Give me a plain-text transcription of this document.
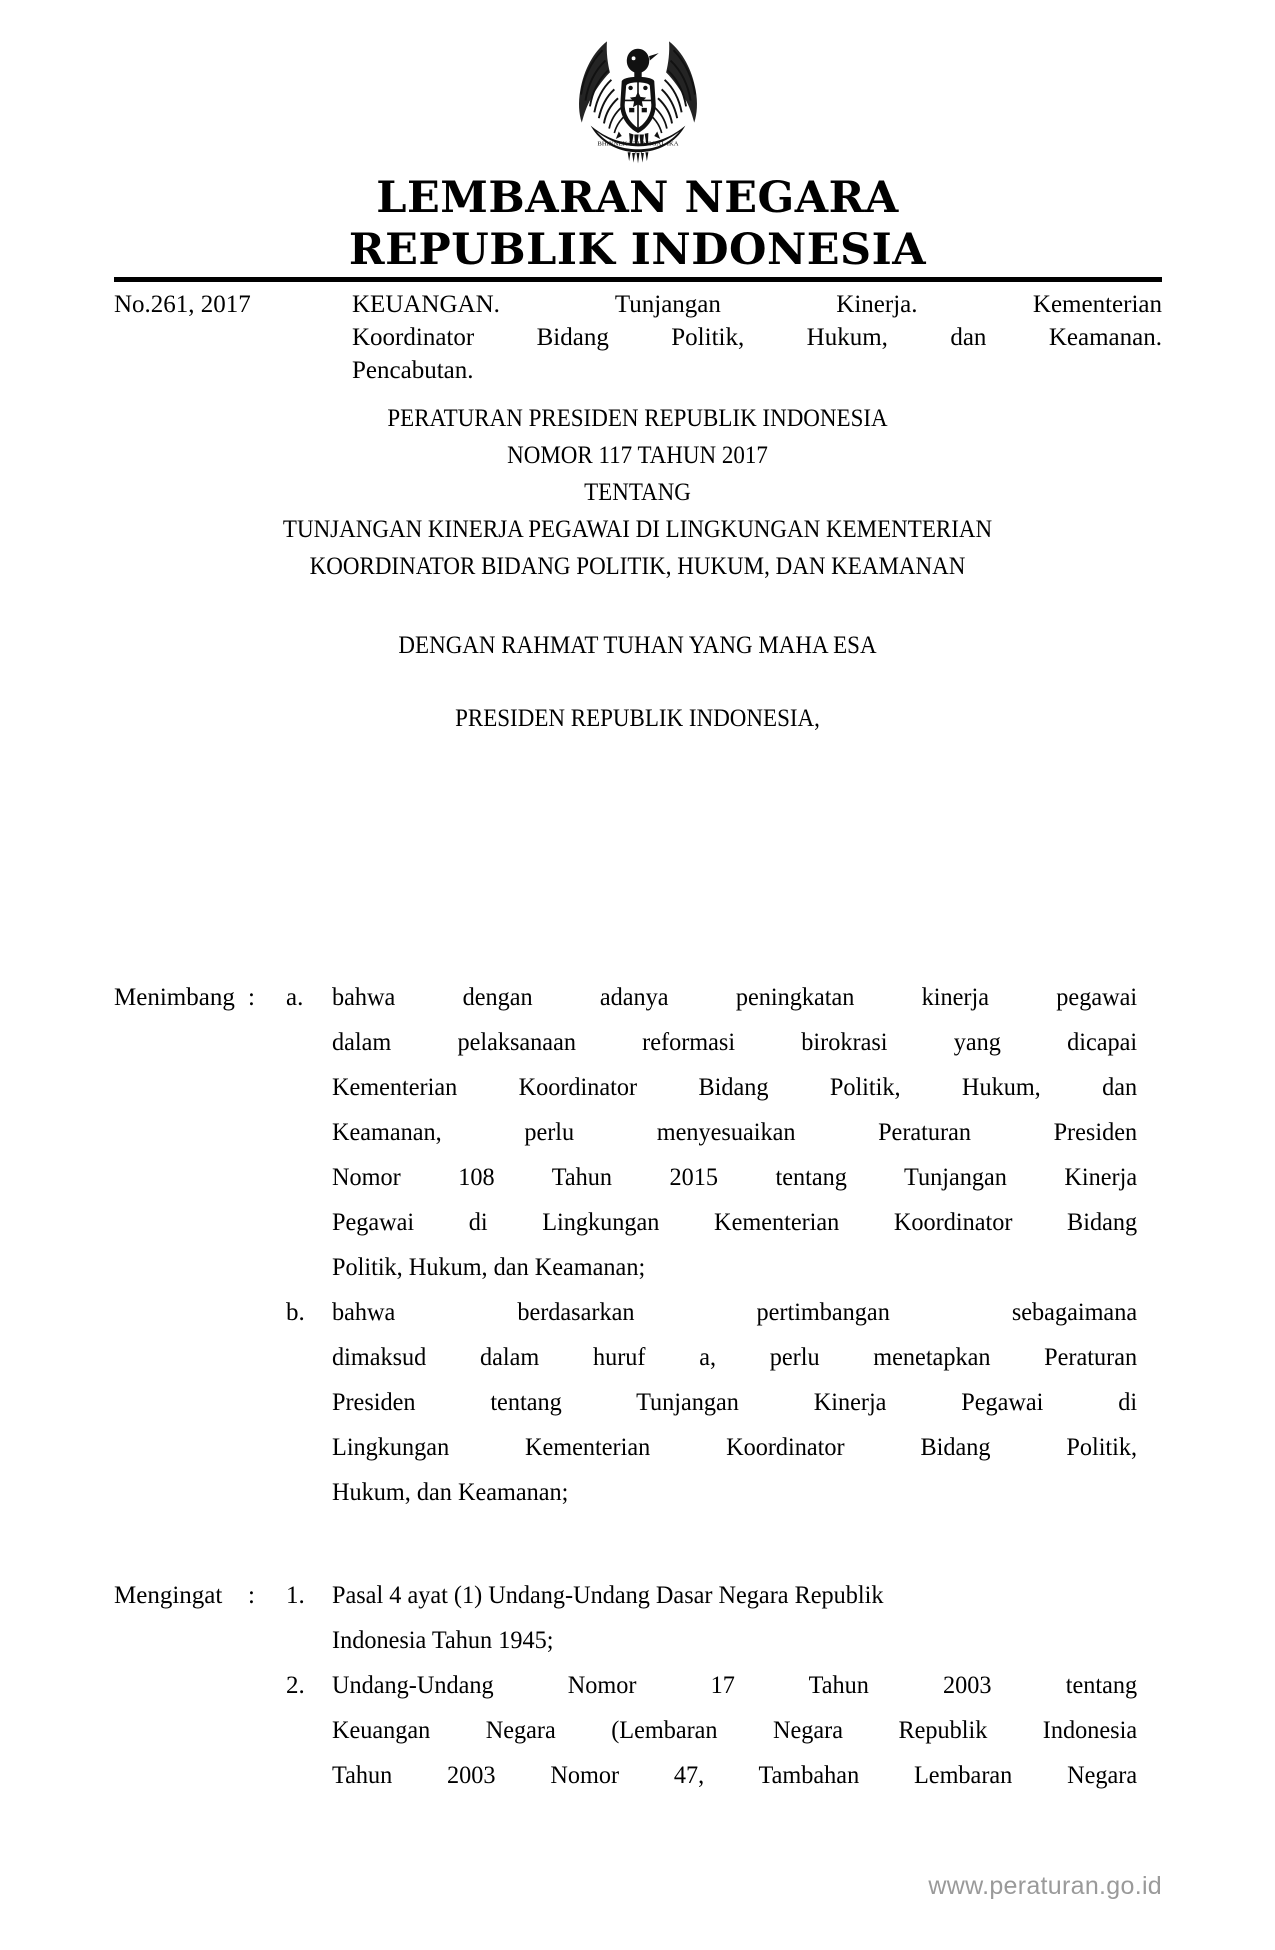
BHINNEKA TUNGGAL IKA
LEMBARAN NEGARA
REPUBLIK INDONESIA
No.261, 2017	KEUANGAN. Tunjangan Kinerja. Kementerian
Koordinator Bidang Politik, Hukum, dan Keamanan.
Pencabutan.
PERATURAN PRESIDEN REPUBLIK INDONESIA
NOMOR 117 TAHUN 2017
TENTANG
TUNJANGAN KINERJA PEGAWAI DI LINGKUNGAN KEMENTERIAN
KOORDINATOR BIDANG POLITIK, HUKUM, DAN KEAMANAN
DENGAN RAHMAT TUHAN YANG MAHA ESA
PRESIDEN REPUBLIK INDONESIA,
Menimbang : a.	bahwa dengan adanya peningkatan kinerja pegawai
dalam pelaksanaan reformasi birokrasi yang dicapai
Kementerian Koordinator Bidang Politik, Hukum, dan
Keamanan, perlu menyesuaikan Peraturan Presiden
Nomor 108 Tahun 2015 tentang Tunjangan Kinerja
Pegawai di Lingkungan Kementerian Koordinator Bidang
Politik, Hukum, dan Keamanan;
b.	bahwa berdasarkan pertimbangan sebagaimana
dimaksud dalam huruf a, perlu menetapkan Peraturan
Presiden tentang Tunjangan Kinerja Pegawai di
Lingkungan Kementerian Koordinator Bidang Politik,
Hukum, dan Keamanan;
Mengingat	: 1.	Pasal 4 ayat (1) Undang-Undang Dasar Negara Republik
Indonesia Tahun 1945;
2.	Undang-Undang Nomor 17 Tahun 2003 tentang
Keuangan Negara (Lembaran Negara Republik Indonesia
Tahun 2003 Nomor 47, Tambahan Lembaran Negara
www.peraturan.go.id
